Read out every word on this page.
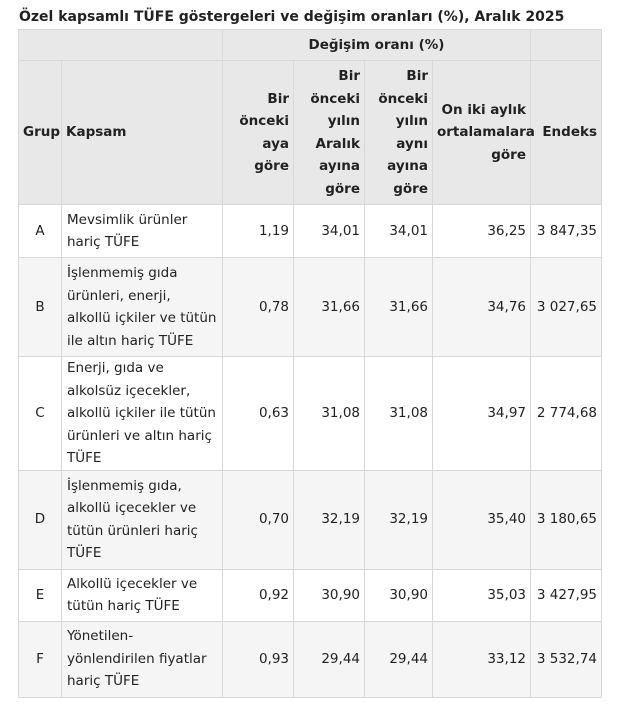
Özel kapsamlı TÜFE göstergeleri ve değişim oranları (%), Aralık 2025
		Değişim oranı (%)				
Grup	Kapsam	Bir önceki aya göre	Bir önceki yılın Aralık ayına göre	Bir önceki yılın aynı ayına göre	On iki aylık ortalamalara göre	Endeks
A	Mevsimlik ürünler hariç TÜFE	1,19	34,01	34,01	36,25	3 847,35
B	İşlenmemiş gıda ürünleri, enerji, alkollü içkiler ve tütün ile altın hariç TÜFE	0,78	31,66	31,66	34,76	3 027,65
C	Enerji, gıda ve alkolsüz içecekler, alkollü içkiler ile tütün ürünleri ve altın hariç TÜFE	0,63	31,08	31,08	34,97	2 774,68
D	İşlenmemiş gıda, alkollü içecekler ve tütün ürünleri hariç TÜFE	0,70	32,19	32,19	35,40	3 180,65
E	Alkollü içecekler ve tütün hariç TÜFE	0,92	30,90	30,90	35,03	3 427,95
F	Yönetilen-yönlendirilen fiyatlar hariç TÜFE	0,93	29,44	29,44	33,12	3 532,74
